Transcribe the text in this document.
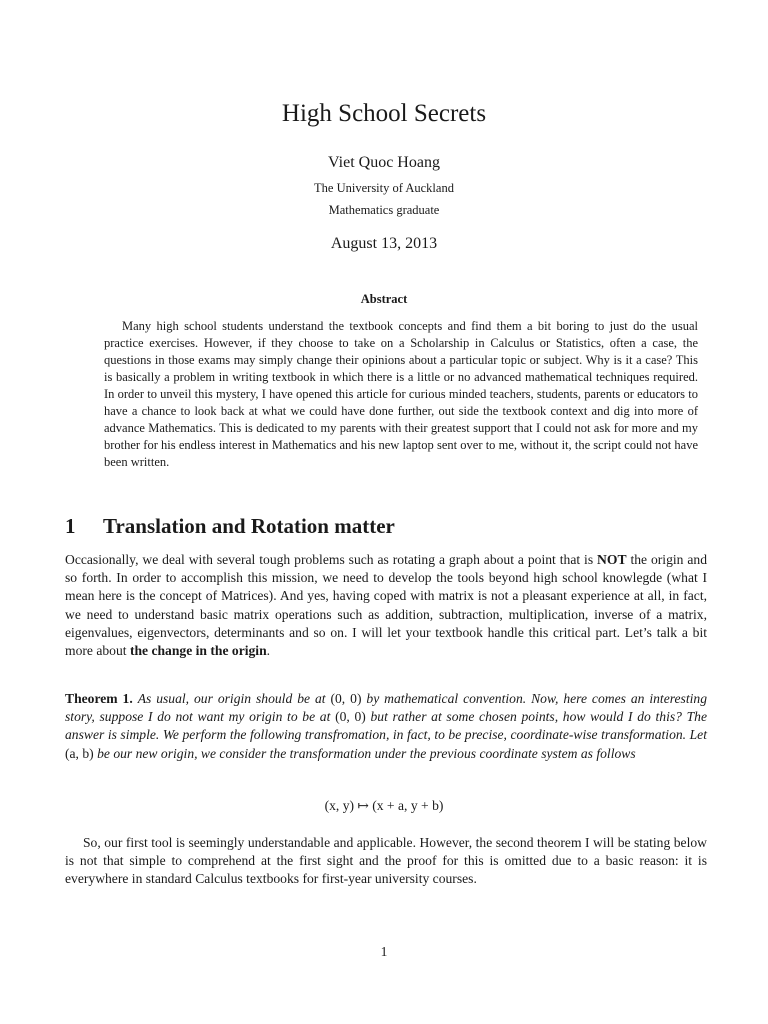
High School Secrets
Viet Quoc Hoang
The University of Auckland
Mathematics graduate
August 13, 2013
Abstract

Many high school students understand the textbook concepts and find them a bit boring to just do the usual practice exercises. However, if they choose to take on a Scholarship in Calculus or Statistics, often a case, the questions in those exams may simply change their opinions about a particular topic or subject. Why is it a case? This is basically a problem in writing textbook in which there is a little or no advanced mathematical techniques required. In order to unveil this mystery, I have opened this article for curious minded teachers, students, parents or educators to have a chance to look back at what we could have done further, out side the textbook context and dig into more of advance Mathematics. This is dedicated to my parents with their greatest support that I could not ask for more and my brother for his endless interest in Mathematics and his new laptop sent over to me, without it, the script could not have been written.

1 Translation and Rotation matter

Occasionally, we deal with several tough problems such as rotating a graph about a point that is NOT the origin and so forth. In order to accomplish this mission, we need to develop the tools beyond high school knowlegde (what I mean here is the concept of Matrices). And yes, having coped with matrix is not a pleasant experience at all, in fact, we need to understand basic matrix operations such as addition, subtraction, multiplication, inverse of a matrix, eigenvalues, eigenvectors, determinants and so on. I will let your textbook handle this critical part. Let’s talk a bit more about the change in the origin.

Theorem 1. As usual, our origin should be at (0, 0) by mathematical convention. Now, here comes an interesting story, suppose I do not want my origin to be at (0, 0) but rather at some chosen points, how would I do this? The answer is simple. We perform the following transfromation, in fact, to be precise, coordinate-wise transformation. Let (a, b) be our new origin, we consider the transformation under the previous coordinate system as follows

(x, y) ↦ (x + a, y + b)

So, our first tool is seemingly understandable and applicable. However, the second theorem I will be stating below is not that simple to comprehend at the first sight and the proof for this is omitted due to a basic reason: it is everywhere in standard Calculus textbooks for first-year university courses.

1
